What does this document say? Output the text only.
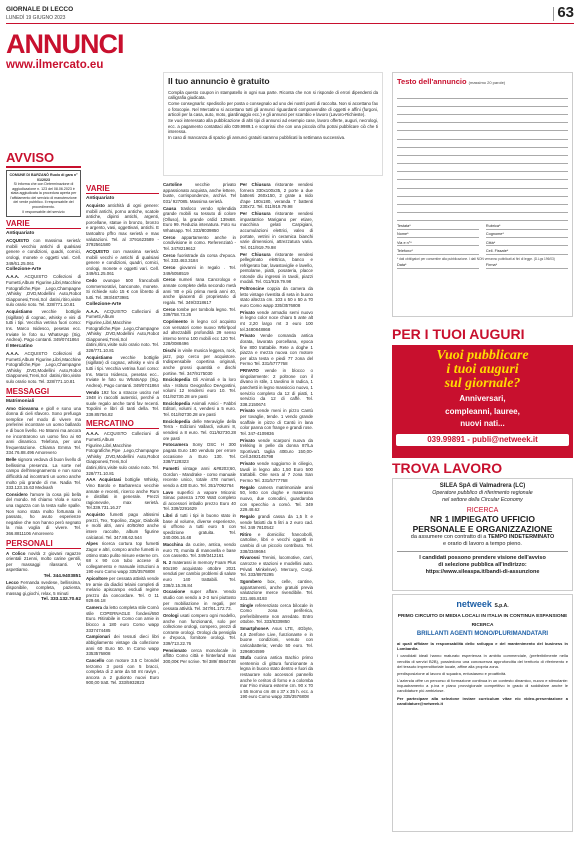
GIORNALE DI LECCO
LUNEDÌ 19 GIUGNO 2023	63
ANNUNCI
www.ilmercato.eu
Il tuo annuncio è gratuito

Compila questo coupon in stampatello in ogni sua parte. Riconta che non si risponde di errori dipendenti da calligrafia giudicata.

Come consegnarlo: spediscilo per posta o consegnalo ad uno dei nostri punti di raccolta. Non si accettano fax o fotocopie. Nel Mercatino si accettano tutti gli annunci riguardanti compravendite di oggetti e affini (furgoni, articoli per la casa, auto, moto, giardinaggio ecc.) e gli annunci per scambio e lavoro (Lavoro-Richieste).

Se vuoi interessato alla pubblicazione di altri tipi di annunci ad esempio case, lavoro offerte, auguri, necrologi, ecc. a pagamento contattaci allo 039.9989.1 e scoprirai che con una piccola cifra potrai pubblicare ciò che ti interessa.

In caso di mancanza di spazio gli annunci gratuiti saranno pubblicati la settimana successiva.

Testo dell'annuncio (massimo 20 parole)
Testata*	Rubrica*
Nome*	Cognome*
Via e n°*	Città*
Telefono*	Cell. Fissate*
* dati obbligatori per consentire alla pubblicazione. I dati NON verranno pubblicati ai fini di legge. (D.Lgs 196/03)
Data*	Firma*
AVVISO
COMUNE DI BARZANÒ Ruolo di gara n° 01/2023
Si informa che con Determinazione di aggiudicazione n. 123 del 08.06.2023 è stata aggiudicata la procedura aperta per l'affidamento del servizio di manutenzione del verde pubblico. Il responsabile del procedimento.
Il responsabile del servizio
VARIE
Antiquariato
ACQUISTO con massima serietà: mobili vecchio antichi di qualsiasi genere e condizioni, quadri, cornici, orologi, monete e oggetti vari. Cell. 349/61.25.061
Collezione-Arte
A.A.A. ACQUISTO Collezioni di Fumetti,Album Figurine,Libri,Macchine Fotografiche,Pipe ,Lego,Champagne ,Whisky ,DVD,Modellini Auto,Robot Giapponesi,Treni,Sol datini,ritiro,visite sulo orario noto. Tel. 328/771.10.81
Acquistiamo vecchie bottiglie (sigillate) di cognac, whisky e vini di tutti i tipi. Vecchia vetrina fuori corso: Ins. Marco Isidesco, pesetas ecc. Inviate le foto su WhatsApp (Sig. Andrea). Pago contanti. 349/0741864
Il Mercatino
A.A.A. ACQUISTO Collezioni di Fumetti,Album Figurine,Libri,Macchine Fotografiche,Pipe ,Lego,Champagne ,Whisky ,DVD,Modellini Auto,Robot Giapponesi,Treni,Sol datini,ritiro,visite sulo orario noto. Tel. 328/771.10.81
MESSAGGI
Matrimoniali
Amo Giovanna e gioll e sono una donna di cieli sfavoro. Sono prefuoga semplice nel modo di vivere ma preferirei incontrare un uomo ballardo e di buon livello. Ho 58anni ma ancora ne incontrarono un uomo fino ai 60 anni dinamico. Telefona, per una frequentazione. Chiama Emma Tel. 334.76.88.496 Amorevero
Belle signora vedova di buon livello di bellissima presenza. La sorte nel campo dell'insegnamento e non sono difficoltà ad incontrarti un uomo anche molto più grande di me. Nadia Tel. 333.123.15.63 Medvash
Considero l'amore la cosa più bella del mondo. Mi chiamo Viola e sono una ragazza con la testa sulle spalle. Non sono stata molto fortunata in passato, ho avuto esperienze negative che non hanno però segnato la mia voglia di vivere. Tel. 366.8811106 Amorevero
PERSONALI
A Colico novità 2 giovani ragazze orientali 21enni, molto carine gentili, per massaggi rilassanti. Vi aspettiamo.
Tel. 344.9403851
Lecco Fernanda svedese, bellissima, disponibile, completa, pazienta, massag gi,giochi, relax, 5 minuti
Tel. 333.132.70.62
VARIE
Antiquariato
Acquisto antichità di ogni genere: mobili antichi, porno antiche, scatole antiche, dipinti antichi, argenti, porcellane, statue in bronzo, bronzo e argento, vasi, oggettivari, antichi. E tantoaltro pffro max serietà e max valutazioni. Tel. al 3791623589 - 3792561580
ACQUISTO con massima serietà: mobili vecchi e antichi di qualsiasi genere e condizioni, quadri, cornici, orologi, monete e oggetti vari. Cell. 349/61.25.061
Cedo ovunque 500 francobolli commemorativi, banconote, monete. Si richiede solo 15 € con libretto di tutti. Tel. 393/4873981
Collezione-Arte
A.A.A. ACQUISTO Collezioni di Fumetti,Album Figurine,Libri,Macchine Fotografiche,Pipe ,Lego,Champagne ,Whisky ,DVD,Modellini Auto,Robot Giapponesi,Treni,Sol datini,ritiro,visite sulo orario noto. Tel. 328/771.10.81
Acquistiamo vecchie bottiglie (sigillate) di cognac, whisky e vini di tutti i tipi. Vecchia vetrina fuori corso: Ins. Marco Isidesco, pesetas ecc.. Inviate le foto su WhatsApp (Sig. Andrea). Pago contanti. 349/0741864
Vendo 192 fox a stracce uscito nel 1948 in raccolti autentici, perché a suole regalo anche tanti fav recenti. Topolini e libri di tanti della. Tel. 339.85756.82
MERCATINO
A.A.A. ACQUISTO Collezioni di Fumetti,Album Figurine,Libri,Macchine Fotografiche,Pipe ,Lego,Champagne ,Whisky ,DVD,Modellini Auto,Robot Giapponesi,Treni,Sol datini,ritiro,visite sulo orario noto. Tel. 328/771.10.81
AAA Acquistasi bottiglie Whisky, Vino Barolo e Barbaresco vecchie annate e recenti, ricerco anche Rum e distillati in generale. Prezzi ragionevole, max serietà. Tel.339.731.16.27
Acquisto fumetti pago altissimi prezzi, Tex, Topolino, Zagor, Diabolik e molti altri, anni 40/50/60 anche intere raccolte, album figurine calciatori. Tel. 347.88.62.544
Alpes ricerca cortura top fumetti Zagor e altri, compro anche fumetti in ottimo stato pulito misure esterne cm. 68 x 90 con tubo accese di collegamento e manuale istruzioni a 190 euro Como wapp 335/3576808
Apicoltore per cessata attività vende tre arnie da diadici telaini completi di melario apiscampo escludi regime prezzo da concordare. Tel. 0 11 929.66.18
Camera da letto completa stile Comò stile COPERNAGLE fondesi/650 Euro. Ritirabile in Como con arnie in blocco a 180 euro Como wapp 3337474485
Campionari dei tessuti dieci libri abbigliamento vintage da collezione anni 60 Euro 50. In Como wapp 3353576808
Cancello con motore 3.5 C brondel terzomo 3 posti con 5 bracci, completa di 2 ante da 50 mt raviyn , ancora a 2 gutionto nuovi Euro 900,00 tratt. Tel. 333/5932823
Cartoline	vecchie privato appassionato acquista, anche lettere, buste, corrispondenze, archivi. Tel 031/ 927085. Massima serietà.
Causa trasloco vendo splendida grande mobili su tessuto di colore (Olluso), la grande ordid 139x68. Euro 99. Reduzia intenatura. Foto su Whatsapp. Tel. 333/8039850
Cerco appartamento anche in condivisione in como. Referenziatò - Tel. 3478219612
Cerco fuoristrade da corsa d'epoca. Tel. 333.463.3184
Cerco giovanni in regalo . Tel. 349/6058519
Cerco numeri rana Cancrologo e annate complete della secondo metà anni '80 e più prima metà anni 40, anche ipiacenti di proprietario di regalo. Tel. 349/3318617
Cerco tombe per tombola legno. Tel. 339/758.73.26
Coprimento in legno col acquisto con versatori come nuovo Whirlpool ad altezzabilli profondità 29 senso interno termo 100 mobili ecc 120 Tel. 228/0088496
Dischi in vinile musica leggera, rock, jazz, pop cerco per acquistore. Indispensabile copertina originali, anche grossi quantità e dischi portine. Tel. 347/9175030
Enciclopedia Gli Animali e la loro vita - Istituto Geografico DeAgostini, volumi 12 rendersi euro 10. Tel. 011/92730.28 ore pasti
Enciclopedia Animali Amici - Fabbri Editori, volumi 4, vendesi a 5 euro. Tel. 011/92730.28 ore pasti
Enciclopedia delle Meraviglie della Terra - Edizioni Vallardi, volumi 8, vendesi a 8 euro. Tel. 011/92730.28 ore pasti
Fotocamera Sony DSC H 300 pagata Euro 180 venduto per errore occasione a Euro 130. Tel. 338/7128323
Fumetti vintage anni &#8203;60, Gordon - Mandrake - como manuale recente unico, totale 478 numeri, vendo a 430 Euro. Tel. 351/7092764
Lavo superfici a vapore Miconic Simac potenza 1700 Watt completo di accessori imballo prezzo Euro 40 Tel. 339/2291629
Libri di tutti i tipi in buono stato in base al volume, diverse esperienze, si offrono a tutti euro 5 con spedizione gratuita. Tel. 340.006.16.48
Macchina da cucire, antica, vendo euro 70, munita di manovella e base con cassetto. Tel. 349/3412161
N. 2 materassi in memory Foam Plus 80x190 acquistato ottobre 2021 venduti per cambio problemi di salute euro 140 trattabili. Tel. 338/2.15.36.84
Occasione super affare. Vendo studio con vendo a 2-3 Iuni piuttosto per mobiliazione in regali, per cessata attività. Tel. 347/91.172.73.
Orologi usati compero ogni modello, anche non funzionanti, solo per collezione orologi, compero, prezzi di corrante orologi. Orologi da pensiglia e d'epoca, fornitore orologi. Tel. 339/713.22.76
Pensionato cerca monolocale in affitto Como città e hinterland max 300,00€ Per scrive. Tel 389/ 8564748
Per Chiusura ristorante vendesi fornera 330x100x35, 2 porte a due battenti 260x150, 2 grate a nido d'ape 180x180, veranda 7 battenti 230x72. Tel. 011/919.79.98
Per Chiusura ristorante vendesi impastatrice Marigano per etiare, macchina gelati Carpigiani, accumulazioni elettrici, valeo di portate, vetrini in ceramica bianchi varie dimensioni, attrezzatura varia. Tel. 011/919.79.98
Per Chiusura ristorante vendesi pellegrinato elettrica, banco e refrigerato bar, lavastoviglie e lavello, pentolame, piatti, posateria, placce rotonde diu ingressi in tavoli, piazzi modali. Tel. 011/919.79.98
Poltroncine coppia da camera da letto vintage rivestita di seta in buono stato altezza cm. 103 x 50 x 50 a 70 euro Como wapp 335/3576808
Privato vende armadio semi nuovo in legno color noce chiaro 5 ante alt mt 2,20 largo mt 3 euro 100 tel.3480848868
Privato Vende comanda antica dorata, lavorata porcellana, epoca fine 800 trattabile. Rete a doghe 1 piazza e mezza nuova con motore per alza testa e piedi 77 zona del Fermo Tel. 331/5777768
PRIVATO vende in blocco o singolarmente: 2 poltrone con il divano in stile, 1 tavolino in radica, 1 panchetti in legno massiccio nuovo, 1 servizio completo da 12 di piatti, 1 servizio da 12 di caffè. Tel. 338.2150674
Privato vende meni in pizzo Cantù per tovaglie, tende. 1 vendo grande scaffale in pizzo di Cantù in lana color panna con frange e grandi rose. Tel. 347-4109836
Privato vende scarponi nuova da trekking in pelle da donna 87/La Sportiva/1 taglia 40Euro 150,00-Cell.3492145798
Privato vende soggiorno in ciliegio, tavoli in legno alto 1,50 Euro 500 trattabili. Orie sera al 7 zona San Fermo Tel. 331/5777768
Regalo camera matrimoniale anni 50, letto con doghe e materasso nuovo, due comodini, guardaroba con specchio a comò. Tel. 349 229.48.62
Regalo grandi cassa da 1,5 lt e vende fatiotti da 5 litri a 2 euro cad. Tel. 349 7810542
Ritiro e domicilio: francobolli, cartoline, libri e vecchi oggetti in cambio di un piccolo contributo. Tel. 338/3349694
Rivarossi Trenini, locomotive, carri, carrozze e stazioni e modellini auto. Privati Minkelsve). Mercury, Corgi. Tel. 333/8970295
Sgombero box, celle, cantine, appartamenti, anche gratuiti previa valutazione merce rivendibile. Tel. 331.465.8193
Single referenziato cerca bilocale in Como zona periferica, preferibilmente non arredato. Entro ottobre. Tel. 333/8339850
SmartphoneA Asus LTE, 4Gbyte, 4,6 Zenfone Live, funzionante e in buone condizioni, venuto con caricabatteria; vendo 50 euro. Tel. 3296804599
Stufa cucina antica Bachio primo ventennio di gittura funzionante a legna in buono stato dentro e fuori da restaurare solo accessori pannello anche le ceritos di forno e a colomba mar Fino misura esterne cm. 90 x 70 x 55 Inorno cm 48 x 37 x 35 h. ecc. a 190 euro Como wapp 335/3576808
PER I TUOI AUGURI
Vuoi pubblicare
i tuoi auguri
sul giornale?
Anniversari,
compleanni, lauree,
nuovi nati...
039.99891 - publi@netweek.it
TROVA LAVORO
SILEA SpA di Valmadrera (LC)
Operatore pubblico di riferimento regionale
nel settore della Circular Economy
RICERCA
NR 1 IMPIEGATO UFFICIO
PERSONALE E ORGANIZZAZIONE
da assumere con contratto di a TEMPO INDETERMINATO
e orario di lavoro a tempo pieno.
I candidati possono prendere visione dell'avviso
di selezione pubblica all'indirizzo:
https://www.sileaspa.it/bandi-di-assunzione
netweek S.p.A.
PRIMO CIRCUITO DI MEDIA LOCALI IN ITALIA IN CONTINUA ESPANSIONE
RICERCA
BRILLANTI AGENTI MONO/PLURIMANDATARI

ai quali affidare la responsabilità dello sviluppo e del mantenimento del business in Lombardia.

I candidati ideali hanno maturato esperienza in ambito commerciale, (preferibilmente nella vendita di servizi B2B), possiedono una conoscenza approfondita del territorio di riferimento e del tessuto imprenditoriale locale, affine alla propria zona.

predisposizione al lavoro di squadra, entusiasmo e proattività.

L'azienda offre un percorso di formazione continua in un contesto dinamico, nuovo e stimolante: inquadramento a p.iva e piano provvigionale competitivo in grado di soddisfare anche le candidature più ambiziose.

Per partecipare alla selezione inviare curriculum vitae e/o video-presentazione a candidature@netweek.it
